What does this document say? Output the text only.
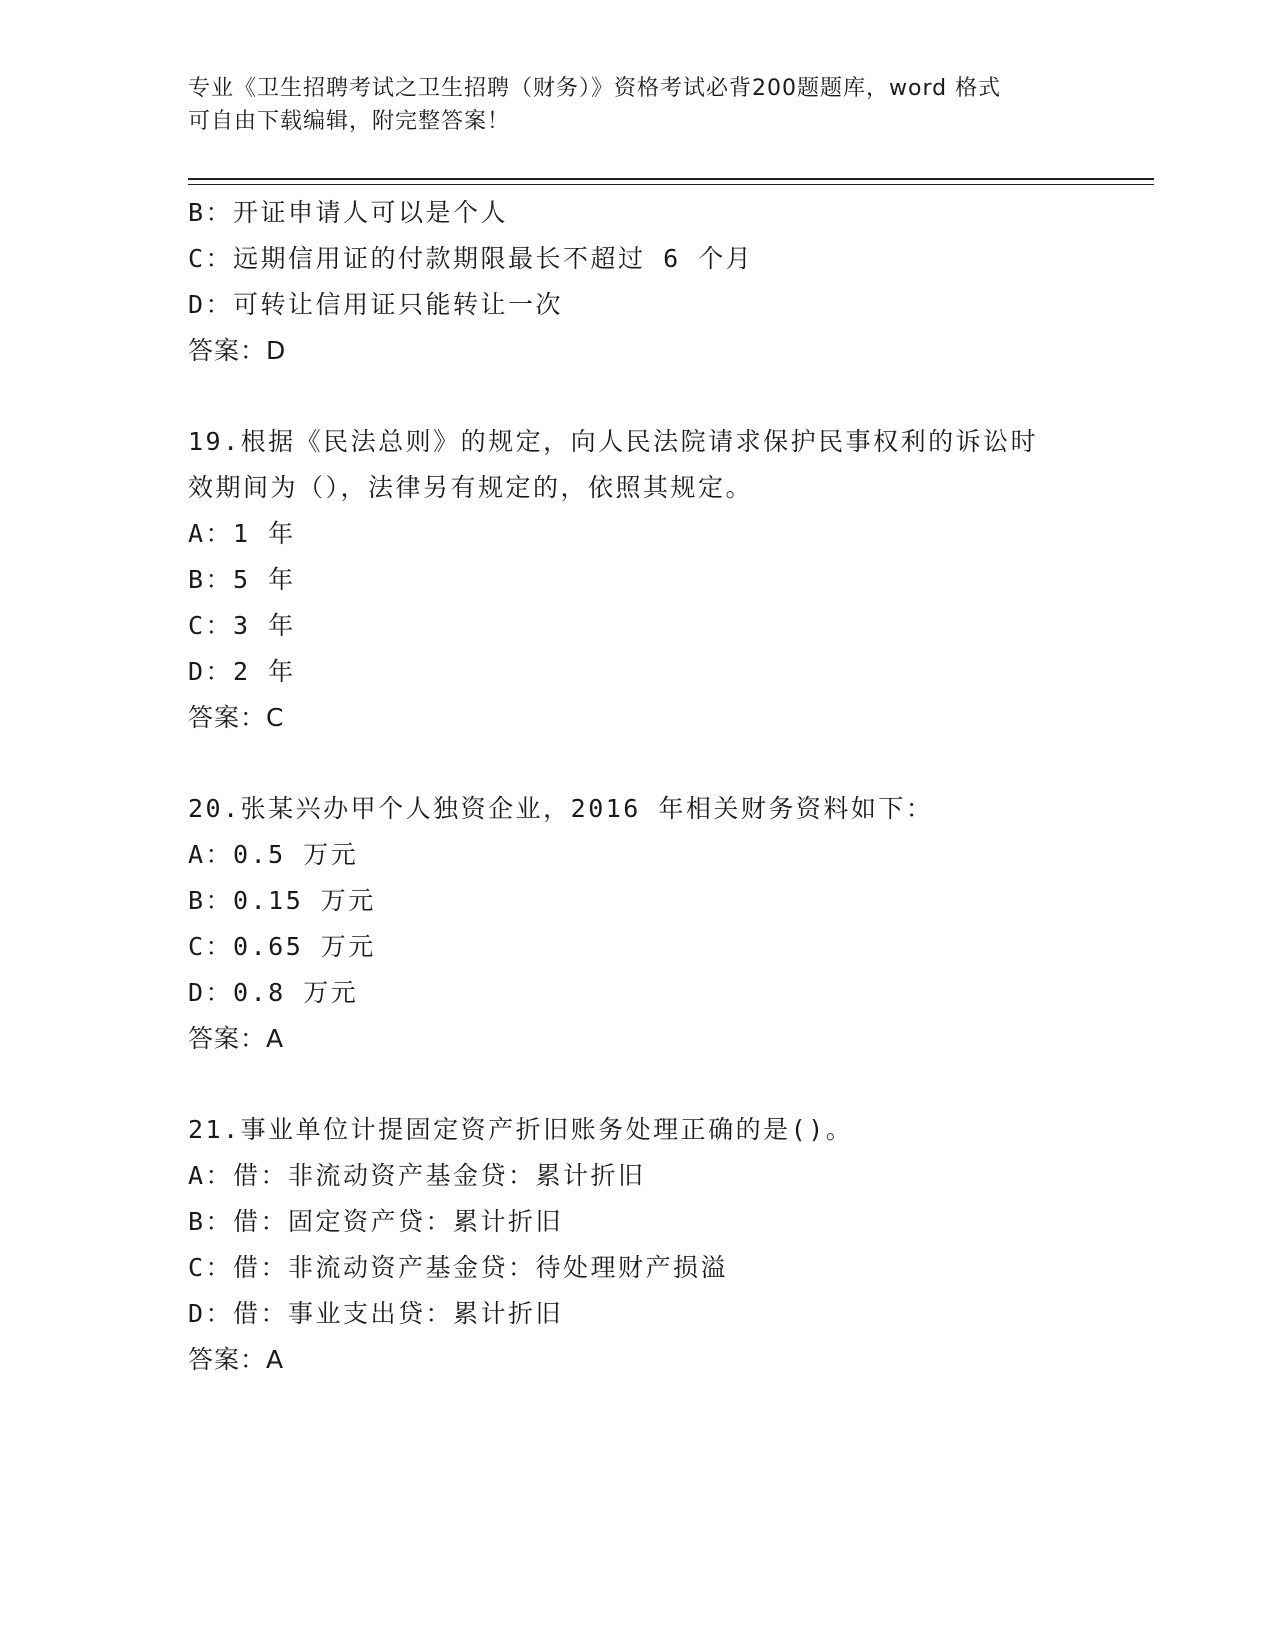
专业《卫生招聘考试之卫生招聘（财务）》资格考试必背200题题库，word 格式
可自由下载编辑，附完整答案！
B：开证申请人可以是个人
C：远期信用证的付款期限最长不超过 6 个月
D：可转让信用证只能转让一次
答案：D
19.根据《民法总则》的规定，向人民法院请求保护民事权利的诉讼时
效期间为（），法律另有规定的，依照其规定。
A：1 年
B：5 年
C：3 年
D：2 年
答案：C
20.张某兴办甲个人独资企业，2016 年相关财务资料如下：
A：0.5 万元
B：0.15 万元
C：0.65 万元
D：0.8 万元
答案：A
21.事业单位计提固定资产折旧账务处理正确的是()。
A：借：非流动资产基金贷：累计折旧
B：借：固定资产贷：累计折旧
C：借：非流动资产基金贷：待处理财产损溢
D：借：事业支出贷：累计折旧
答案：A
